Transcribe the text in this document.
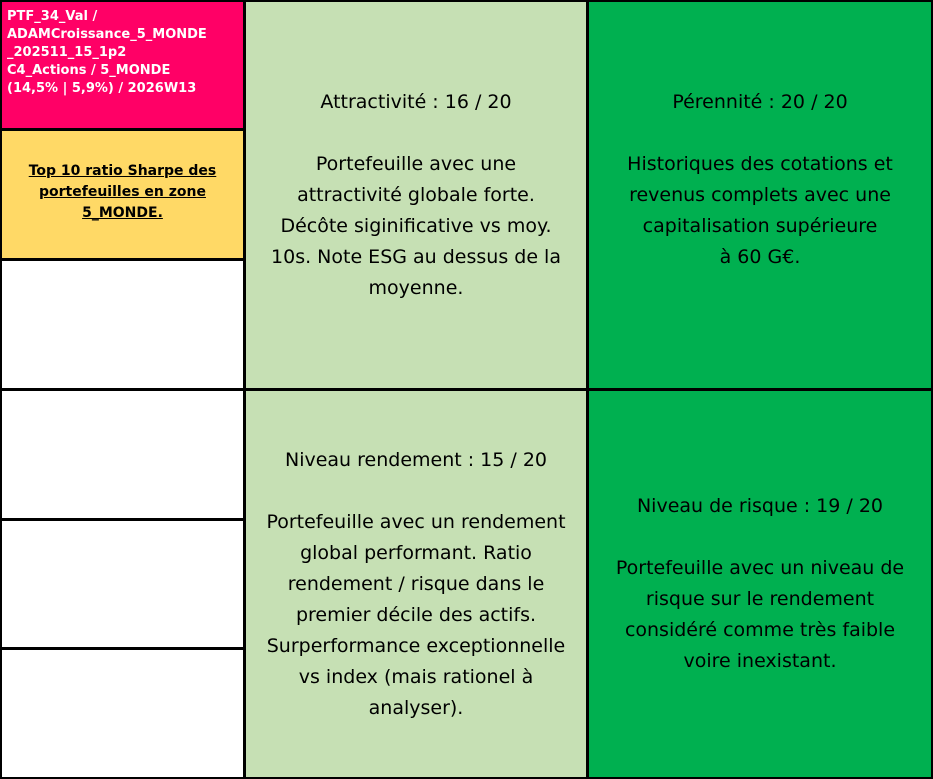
PTF_34_Val /
ADAMCroissance_5_MONDE
_202511_15_1p2
C4_Actions / 5_MONDE
(14,5% | 5,9%) / 2026W13
Top 10 ratio Sharpe des portefeuilles en zone 5_MONDE.
Attractivité : 16 / 20
Portefeuille avec une
attractivité globale forte.
Décôte siginificative vs moy.
10s. Note ESG au dessus de la
moyenne.
Pérennité : 20 / 20
Historiques des cotations et
revenus complets avec une
capitalisation supérieure
à 60 G€.
Niveau rendement : 15 / 20
Portefeuille avec un rendement
global performant. Ratio
rendement / risque dans le
premier décile des actifs.
Surperformance exceptionnelle
vs index (mais rationel à
analyser).
Niveau de risque : 19 / 20
Portefeuille avec un niveau de
risque sur le rendement
considéré comme très faible
voire inexistant.
